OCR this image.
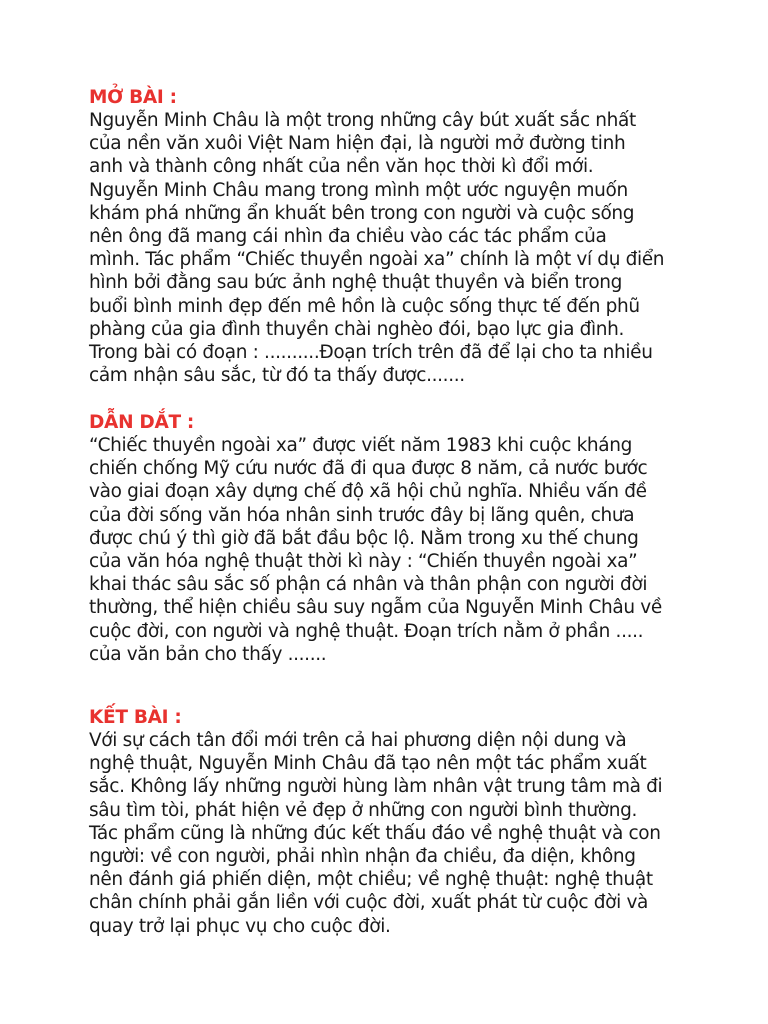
MỞ BÀI :

Nguyễn Minh Châu là một trong những cây bút xuất sắc nhất
của nền văn xuôi Việt Nam hiện đại, là người mở đường tinh
anh và thành công nhất của nền văn học thời kì đổi mới.
Nguyễn Minh Châu mang trong mình một ước nguyện muốn
khám phá những ẩn khuất bên trong con người và cuộc sống
nên ông đã mang cái nhìn đa chiều vào các tác phẩm của
mình. Tác phẩm “Chiếc thuyền ngoài xa” chính là một ví dụ điển
hình bởi đằng sau bức ảnh nghệ thuật thuyền và biển trong
buổi bình minh đẹp đến mê hồn là cuộc sống thực tế đến phũ
phàng của gia đình thuyền chài nghèo đói, bạo lực gia đình.
Trong bài có đoạn : ..........Đoạn trích trên đã để lại cho ta nhiều
cảm nhận sâu sắc, từ đó ta thấy được.......

DẪN DẮT :

“Chiếc thuyền ngoài xa” được viết năm 1983 khi cuộc kháng
chiến chống Mỹ cứu nước đã đi qua được 8 năm, cả nước bước
vào giai đoạn xây dựng chế độ xã hội chủ nghĩa. Nhiều vấn đề
của đời sống văn hóa nhân sinh trước đây bị lãng quên, chưa
được chú ý thì giờ đã bắt đầu bộc lộ. Nằm trong xu thế chung
của văn hóa nghệ thuật thời kì này : “Chiến thuyền ngoài xa”
khai thác sâu sắc số phận cá nhân và thân phận con người đời
thường, thể hiện chiều sâu suy ngẫm của Nguyễn Minh Châu về
cuộc đời, con người và nghệ thuật. Đoạn trích nằm ở phần .....
của văn bản cho thấy .......

KẾT BÀI :

Với sự cách tân đổi mới trên cả hai phương diện nội dung và
nghệ thuật, Nguyễn Minh Châu đã tạo nên một tác phẩm xuất
sắc. Không lấy những người hùng làm nhân vật trung tâm mà đi
sâu tìm tòi, phát hiện vẻ đẹp ở những con người bình thường.
Tác phẩm cũng là những đúc kết thấu đáo về nghệ thuật và con
người: về con người, phải nhìn nhận đa chiều, đa diện, không
nên đánh giá phiến diện, một chiều; về nghệ thuật: nghệ thuật
chân chính phải gắn liền với cuộc đời, xuất phát từ cuộc đời và
quay trở lại phục vụ cho cuộc đời.
